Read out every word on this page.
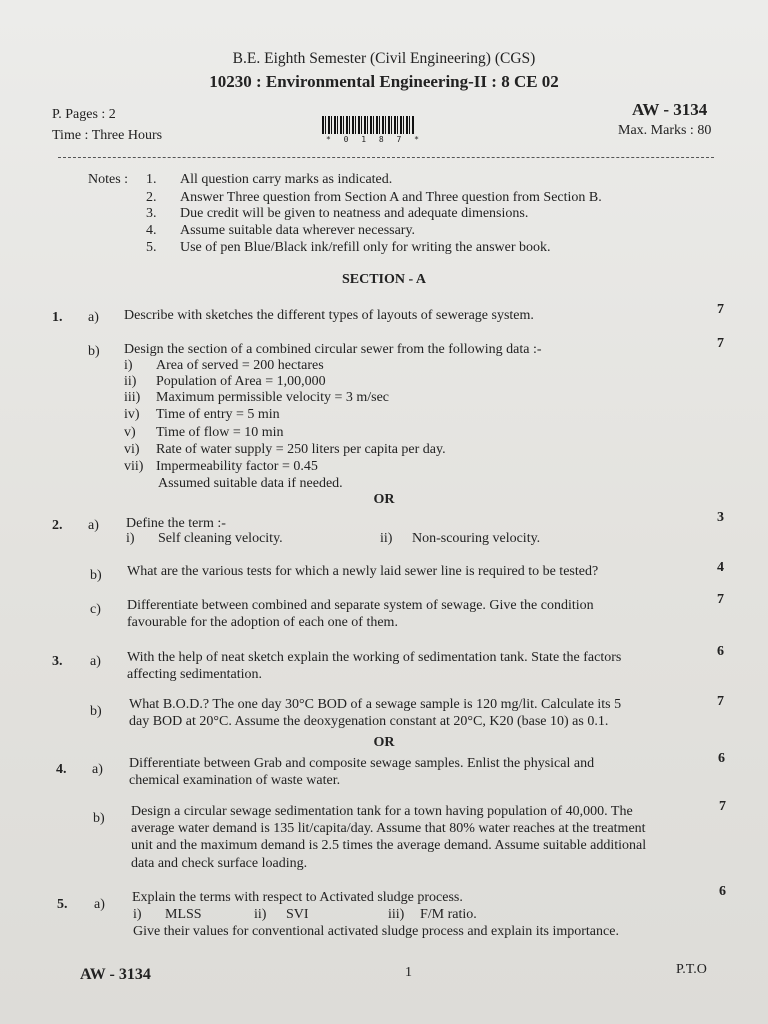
B.E. Eighth Semester (Civil Engineering) (CGS)
10230 : Environmental Engineering-II : 8 CE 02
P. Pages : 2
Time : Three Hours
AW - 3134
Max. Marks : 80
* 0 1 8 7 *
Notes : 1. All question carry marks as indicated.
2. Answer Three question from Section A and Three question from Section B.
3. Due credit will be given to neatness and adequate dimensions.
4. Assume suitable data wherever necessary.
5. Use of pen Blue/Black ink/refill only for writing the answer book.
SECTION - A
1. a) Describe with sketches the different types of layouts of sewerage system.	7
b) Design the section of a combined circular sewer from the following data :-	7
i) Area of served = 200 hectares
ii) Population of Area = 1,00,000
iii) Maximum permissible velocity = 3 m/sec
iv) Time of entry = 5 min
v) Time of flow = 10 min
vi) Rate of water supply = 250 liters per capita per day.
vii) Impermeability factor = 0.45
Assumed suitable data if needed.
OR
2. a) Define the term :-	3
i) Self cleaning velocity.	ii) Non-scouring velocity.
b) What are the various tests for which a newly laid sewer line is required to be tested?	4
c) Differentiate between combined and separate system of sewage. Give the condition
favourable for the adoption of each one of them.
7
3. a) With the help of neat sketch explain the working of sedimentation tank. State the factors
affecting sedimentation.
6
b) What B.O.D.? The one day 30°C BOD of a sewage sample is 120 mg/lit. Calculate its 5
day BOD at 20°C. Assume the deoxygenation constant at 20°C, K20 (base 10) as 0.1.
7
OR
4. a) Differentiate between Grab and composite sewage samples. Enlist the physical and
chemical examination of waste water.
6
b) Design a circular sewage sedimentation tank for a town having population of 40,000. The
average water demand is 135 lit/capita/day. Assume that 80% water reaches at the treatment
unit and the maximum demand is 2.5 times the average demand. Assume suitable additional
data and check surface loading.
7
5. a) Explain the terms with respect to Activated sludge process.
i) MLSS	ii) SVI	iii) F/M ratio.
Give their values for conventional activated sludge process and explain its importance.
6
AW - 3134	1	P.T.O
